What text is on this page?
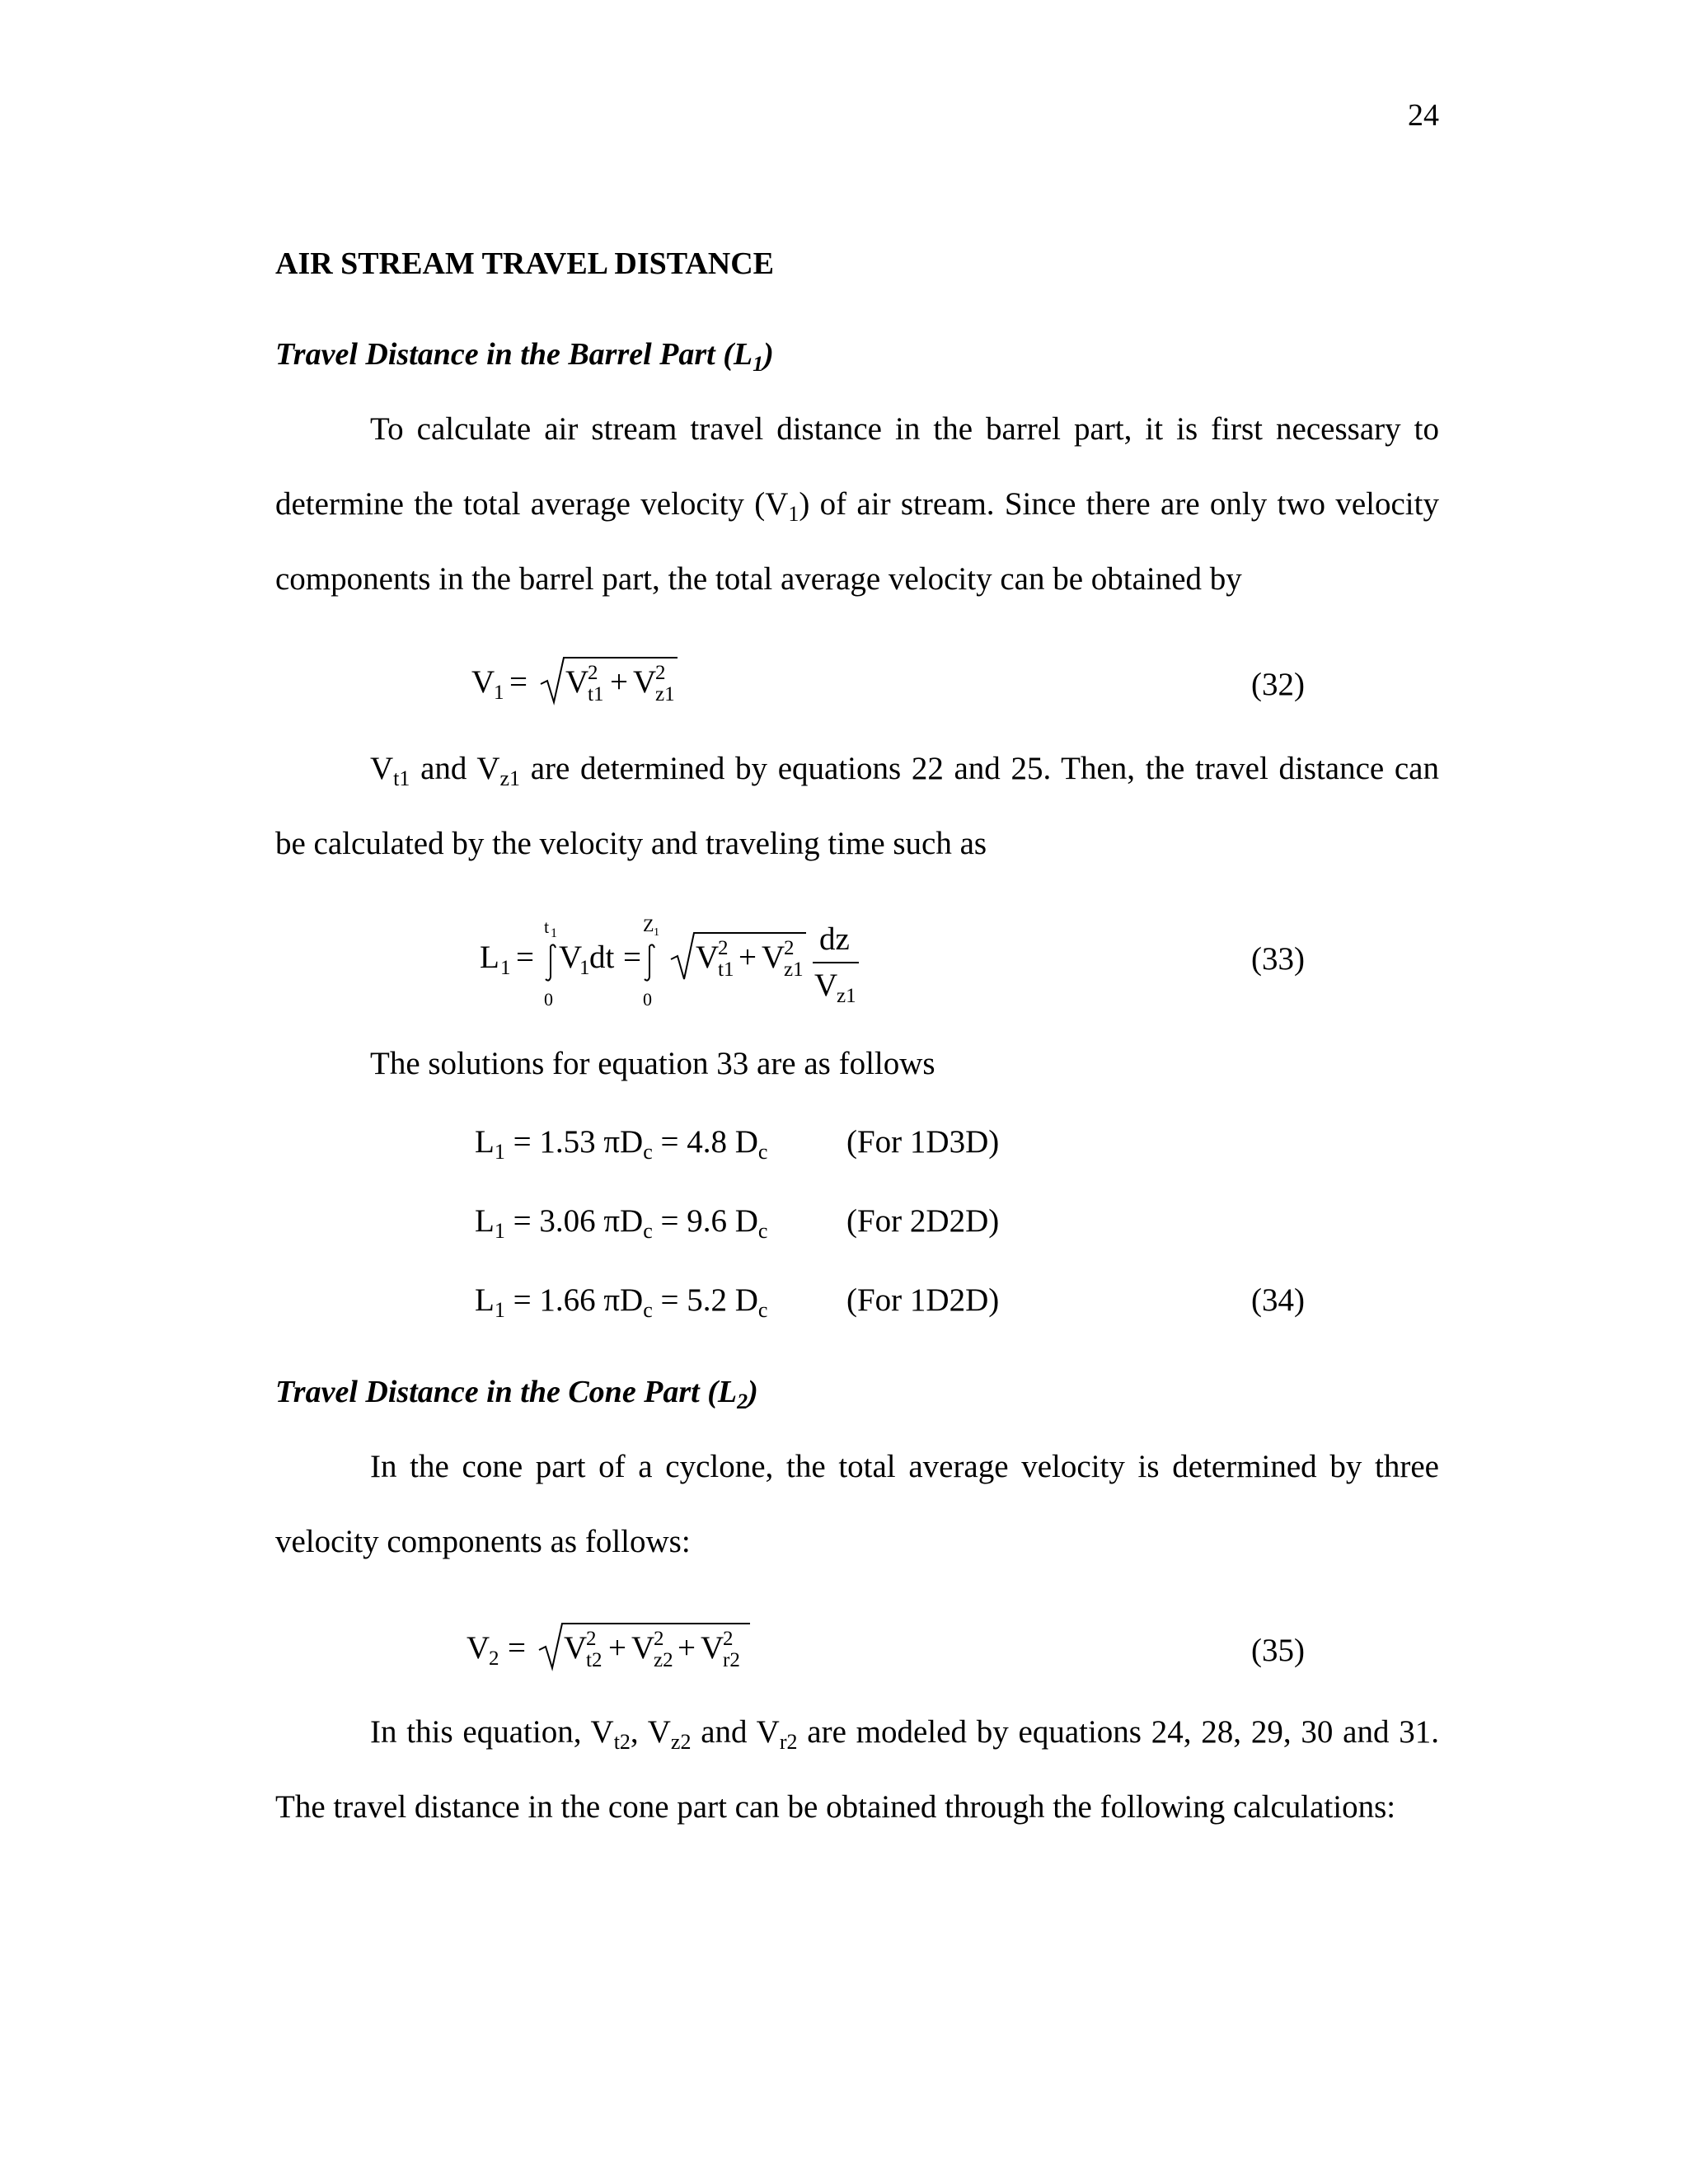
24
AIR STREAM TRAVEL DISTANCE
Travel Distance in the Barrel Part $(L_1)$
To calculate air stream travel distance in the barrel part, it is first necessary to
determine the total average velocity $(V_1)$ of air stream. Since there are only two velocity
components in the barrel part, the total average velocity can be obtained by
V
1 = V
2
t1 + V
2
z1	(32)
$V_{t1}$ and $V_{z1}$ are determined by equations 22 and 25. Then, the travel distance can
be calculated by the velocity and traveling time such as
L 1 =
t 1
0
V
1 dt =
Z 1
0
V
2
t1 + V
2
z1
dz
V
z1
(33)
The solutions for equation 33 are as follows
$L_1 = 1.53$ $\pi D_c = 4.8$ $D_c$ (For 1D3D)
$L_1 = 3.06$ $\pi D_c = 9.6$ $D_c$ (For 2D2D)
$L_1 = 1.66$ $\pi D_c = 5.2$ $D_c$ (For 1D2D)	(34)
Travel Distance in the Cone Part $(L_2)$
In the cone part of a cyclone, the total average velocity is determined by three
velocity components as follows:
V
2 = V
2
t2 + V
2
z2 + V
2
r2	(35)
In this equation, $V_{t2}$, $V_{z2}$ and $V_{r2}$ are modeled by equations 24, 28, 29, 30 and 31.
The travel distance in the cone part can be obtained through the following calculations:
